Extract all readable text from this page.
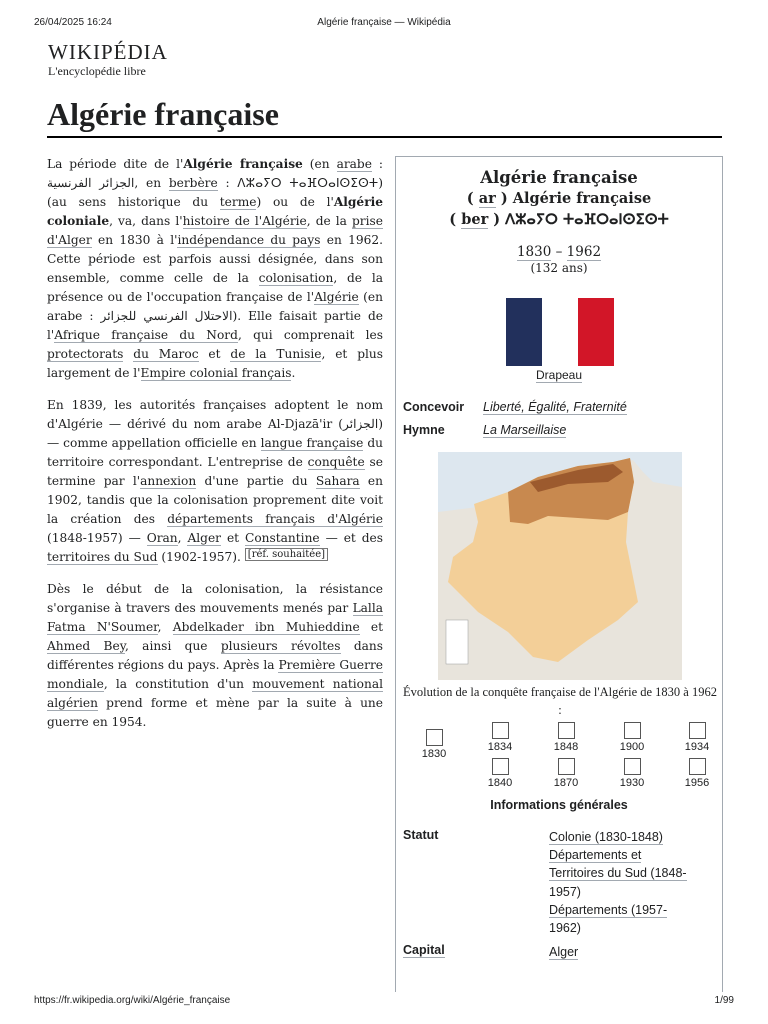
26/04/2025 16:24	Algérie française — Wikipédia
WIKIPÉDIA
L'encyclopédie libre
Algérie française

La période dite de l'Algérie française (en arabe : الجزائر الفرنسية, en berbère : ⴷⵣⴰⵢⵔ ⵜⴰⴼⵔⴰⵏⵙⵉⵙⵜ) (au sens historique du terme) ou de l'Algérie coloniale, va, dans l'histoire de l'Algérie, de la prise d'Alger en 1830 à l'indépendance du pays en 1962. Cette période est parfois aussi désignée, dans son ensemble, comme celle de la colonisation, de la présence ou de l'occupation française de l'Algérie (en arabe : الاحتلال الفرنسي للجزائر). Elle faisait partie de l'Afrique française du Nord, qui comprenait les protectorats du Maroc et de la Tunisie, et plus largement de l'Empire colonial français.

En 1839, les autorités françaises adoptent le nom d'Algérie — dérivé du nom arabe Al-Djazā'ir (الجزائر) — comme appellation officielle en langue française du territoire correspondant. L'entreprise de conquête se termine par l'annexion d'une partie du Sahara en 1902, tandis que la colonisation proprement dite voit la création des départements français d'Algérie (1848-1957) — Oran, Alger et Constantine — et des territoires du Sud (1902-1957). [réf. souhaitée]

Dès le début de la colonisation, la résistance s'organise à travers des mouvements menés par Lalla Fatma N'Soumer, Abdelkader ibn Muhieddine et Ahmed Bey, ainsi que plusieurs révoltes dans différentes régions du pays. Après la Première Guerre mondiale, la constitution d'un mouvement national algérien prend forme et mène par la suite à une guerre en 1954.

Algérie française
( ar ) Algérie française
( ber ) ⴷⵣⴰⵢⵔ ⵜⴰⴼⵔⴰⵏⵙⵉⵙⵜ
1830 – 1962
(132 ans)
Drapeau
Concevoir Liberté, Égalité, Fraternité
Hymne	La Marseillaise
Évolution de la conquête française de l'Algérie de 1830 à 1962 :
1830
1834	1848	1900	1934
1840	1870	1930	1956
Informations générales
Statut	Colonie (1830-1848)
Départements et
Territoires du Sud (1848-
1957)
Départements (1957-
1962)
Capital	Alger
https://fr.wikipedia.org/wiki/Algérie_française	1/99
